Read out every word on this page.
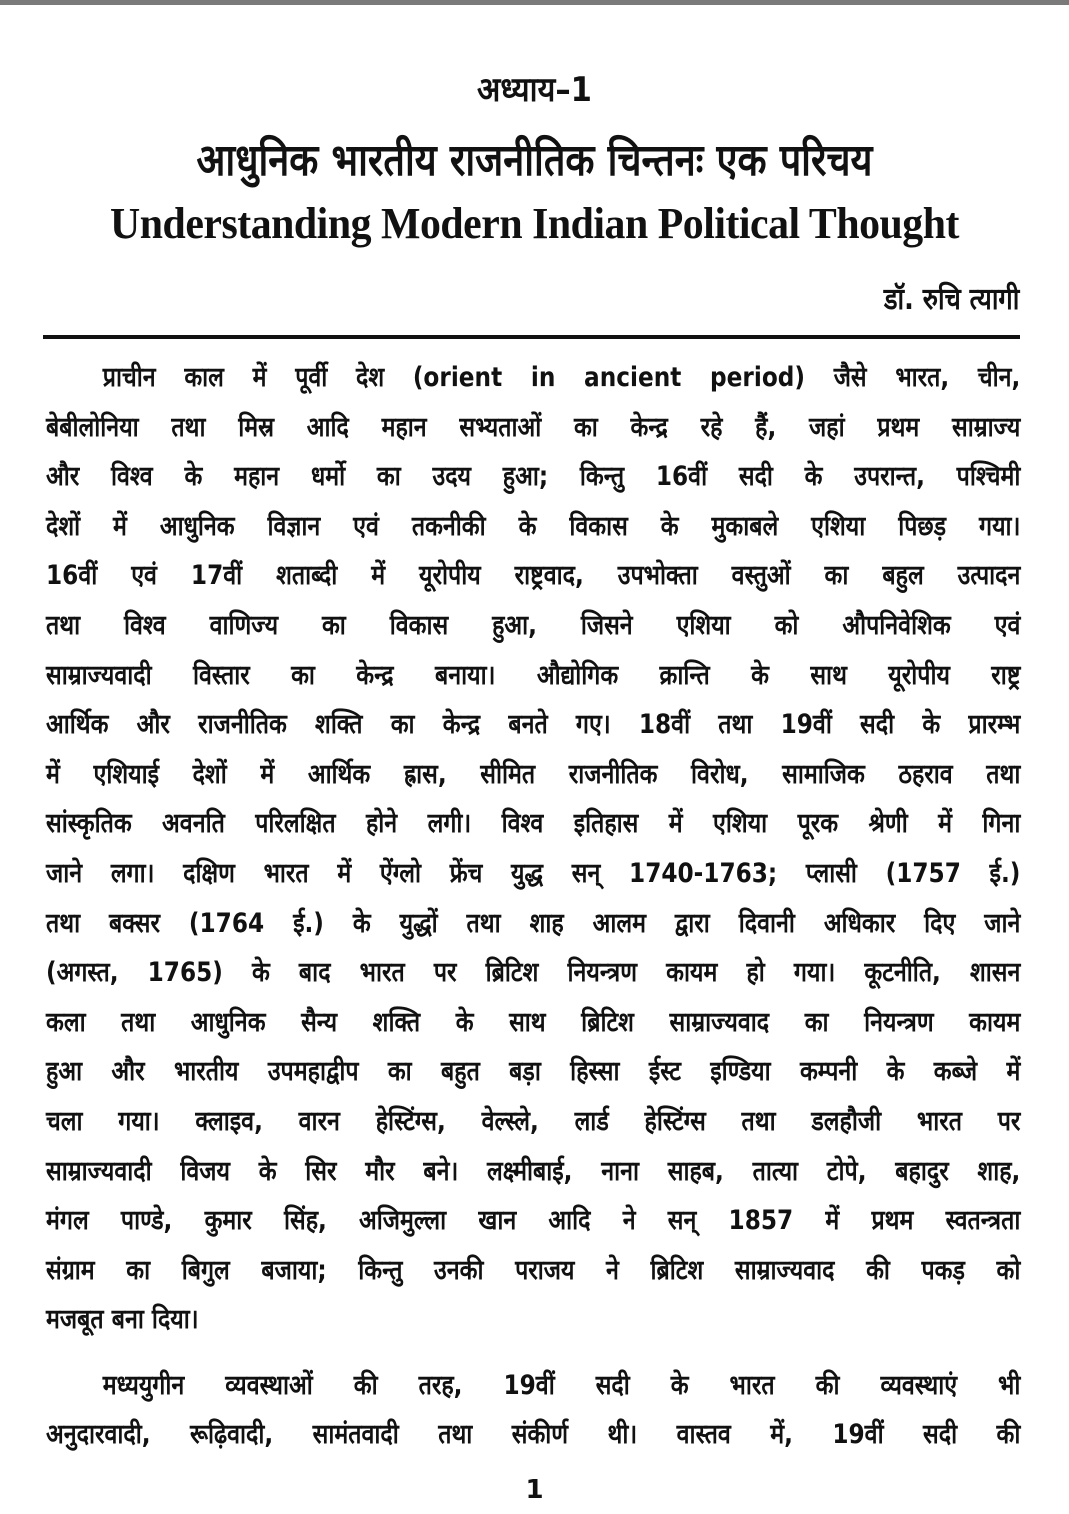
अध्याय–1
आधुनिक भारतीय राजनीतिक चिन्तनः एक परिचय
Understanding Modern Indian Political Thought
डॉ. रुचि त्यागी
प्राचीन काल में पूर्वी देश (orient in ancient period) जैसे भारत, चीन,
बेबीलोनिया तथा मिस्र आदि महान सभ्यताओं का केन्द्र रहे हैं, जहां प्रथम साम्राज्य
और विश्व के महान धर्मो का उदय हुआ; किन्तु 16वीं सदी के उपरान्त, पश्चिमी
देशों में आधुनिक विज्ञान एवं तकनीकी के विकास के मुकाबले एशिया पिछड़ गया।
16वीं एवं 17वीं शताब्दी में यूरोपीय राष्ट्रवाद, उपभोक्ता वस्तुओं का बहुल उत्पादन
तथा विश्व वाणिज्य का विकास हुआ, जिसने एशिया को औपनिवेशिक एवं
साम्राज्यवादी विस्तार का केन्द्र बनाया। औद्योगिक क्रान्ति के साथ यूरोपीय राष्ट्र
आर्थिक और राजनीतिक शक्ति का केन्द्र बनते गए। 18वीं तथा 19वीं सदी के प्रारम्भ
में एशियाई देशों में आर्थिक ह्रास, सीमित राजनीतिक विरोध, सामाजिक ठहराव तथा
सांस्कृतिक अवनति परिलक्षित होने लगी। विश्व इतिहास में एशिया पूरक श्रेणी में गिना
जाने लगा। दक्षिण भारत में ऐंग्लो फ्रेंच युद्ध सन् 1740-1763; प्लासी (1757 ई.)
तथा बक्सर (1764 ई.) के युद्धों तथा शाह आलम द्वारा दिवानी अधिकार दिए जाने
(अगस्त, 1765) के बाद भारत पर ब्रिटिश नियन्त्रण कायम हो गया। कूटनीति, शासन
कला तथा आधुनिक सैन्य शक्ति के साथ ब्रिटिश साम्राज्यवाद का नियन्त्रण कायम
हुआ और भारतीय उपमहाद्वीप का बहुत बड़ा हिस्सा ईस्ट इण्डिया कम्पनी के कब्जे में
चला गया। क्लाइव, वारन हेस्टिंग्स, वेल्स्ले, लार्ड हेस्टिंग्स तथा डलहौजी भारत पर
साम्राज्यवादी विजय के सिर मौर बने। लक्ष्मीबाई, नाना साहब, तात्या टोपे, बहादुर शाह,
मंगल पाण्डे, कुमार सिंह, अजिमुल्ला खान आदि ने सन् 1857 में प्रथम स्वतन्त्रता
संग्राम का बिगुल बजाया; किन्तु उनकी पराजय ने ब्रिटिश साम्राज्यवाद की पकड़ को
मजबूत बना दिया।
मध्ययुगीन व्यवस्थाओं की तरह, 19वीं सदी के भारत की व्यवस्थाएं भी
अनुदारवादी, रूढ़िवादी, सामंतवादी तथा संकीर्ण थी। वास्तव में, 19वीं सदी की
1
